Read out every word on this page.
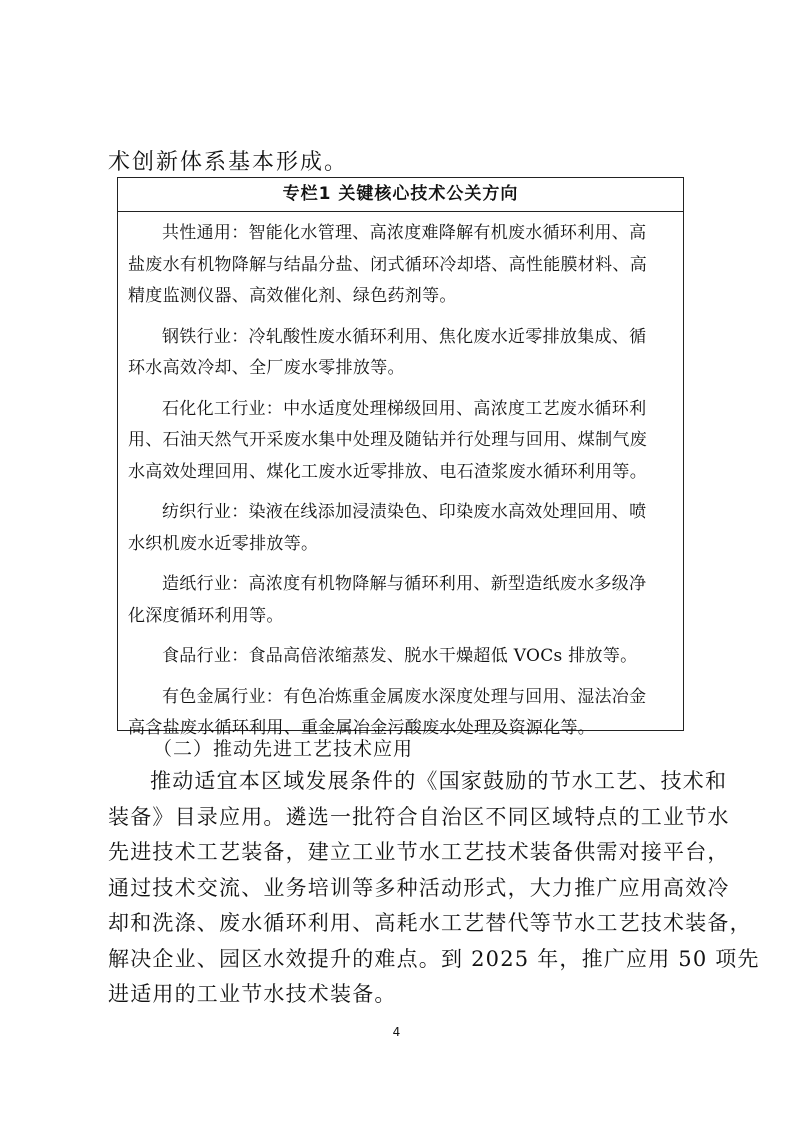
术创新体系基本形成。
专栏1 关键核心技术公关方向

共性通用：智能化水管理、高浓度难降解有机废水循环利用、高
盐废水有机物降解与结晶分盐、闭式循环冷却塔、高性能膜材料、高
精度监测仪器、高效催化剂、绿色药剂等。

钢铁行业：冷轧酸性废水循环利用、焦化废水近零排放集成、循
环水高效冷却、全厂废水零排放等。

石化化工行业：中水适度处理梯级回用、高浓度工艺废水循环利
用、石油天然气开采废水集中处理及随钻并行处理与回用、煤制气废
水高效处理回用、煤化工废水近零排放、电石渣浆废水循环利用等。

纺织行业：染液在线添加浸渍染色、印染废水高效处理回用、喷
水织机废水近零排放等。

造纸行业：高浓度有机物降解与循环利用、新型造纸废水多级净
化深度循环利用等。

食品行业：食品高倍浓缩蒸发、脱水干燥超低 VOCs 排放等。

有色金属行业：有色冶炼重金属废水深度处理与回用、湿法冶金
高含盐废水循环利用、重金属冶金污酸废水处理及资源化等。

（二）推动先进工艺技术应用
推动适宜本区域发展条件的《国家鼓励的节水工艺、技术和
装备》目录应用。遴选一批符合自治区不同区域特点的工业节水
先进技术工艺装备，建立工业节水工艺技术装备供需对接平台，
通过技术交流、业务培训等多种活动形式，大力推广应用高效冷
却和洗涤、废水循环利用、高耗水工艺替代等节水工艺技术装备，
解决企业、园区水效提升的难点。到 2025 年，推广应用 50 项先
进适用的工业节水技术装备。
4
